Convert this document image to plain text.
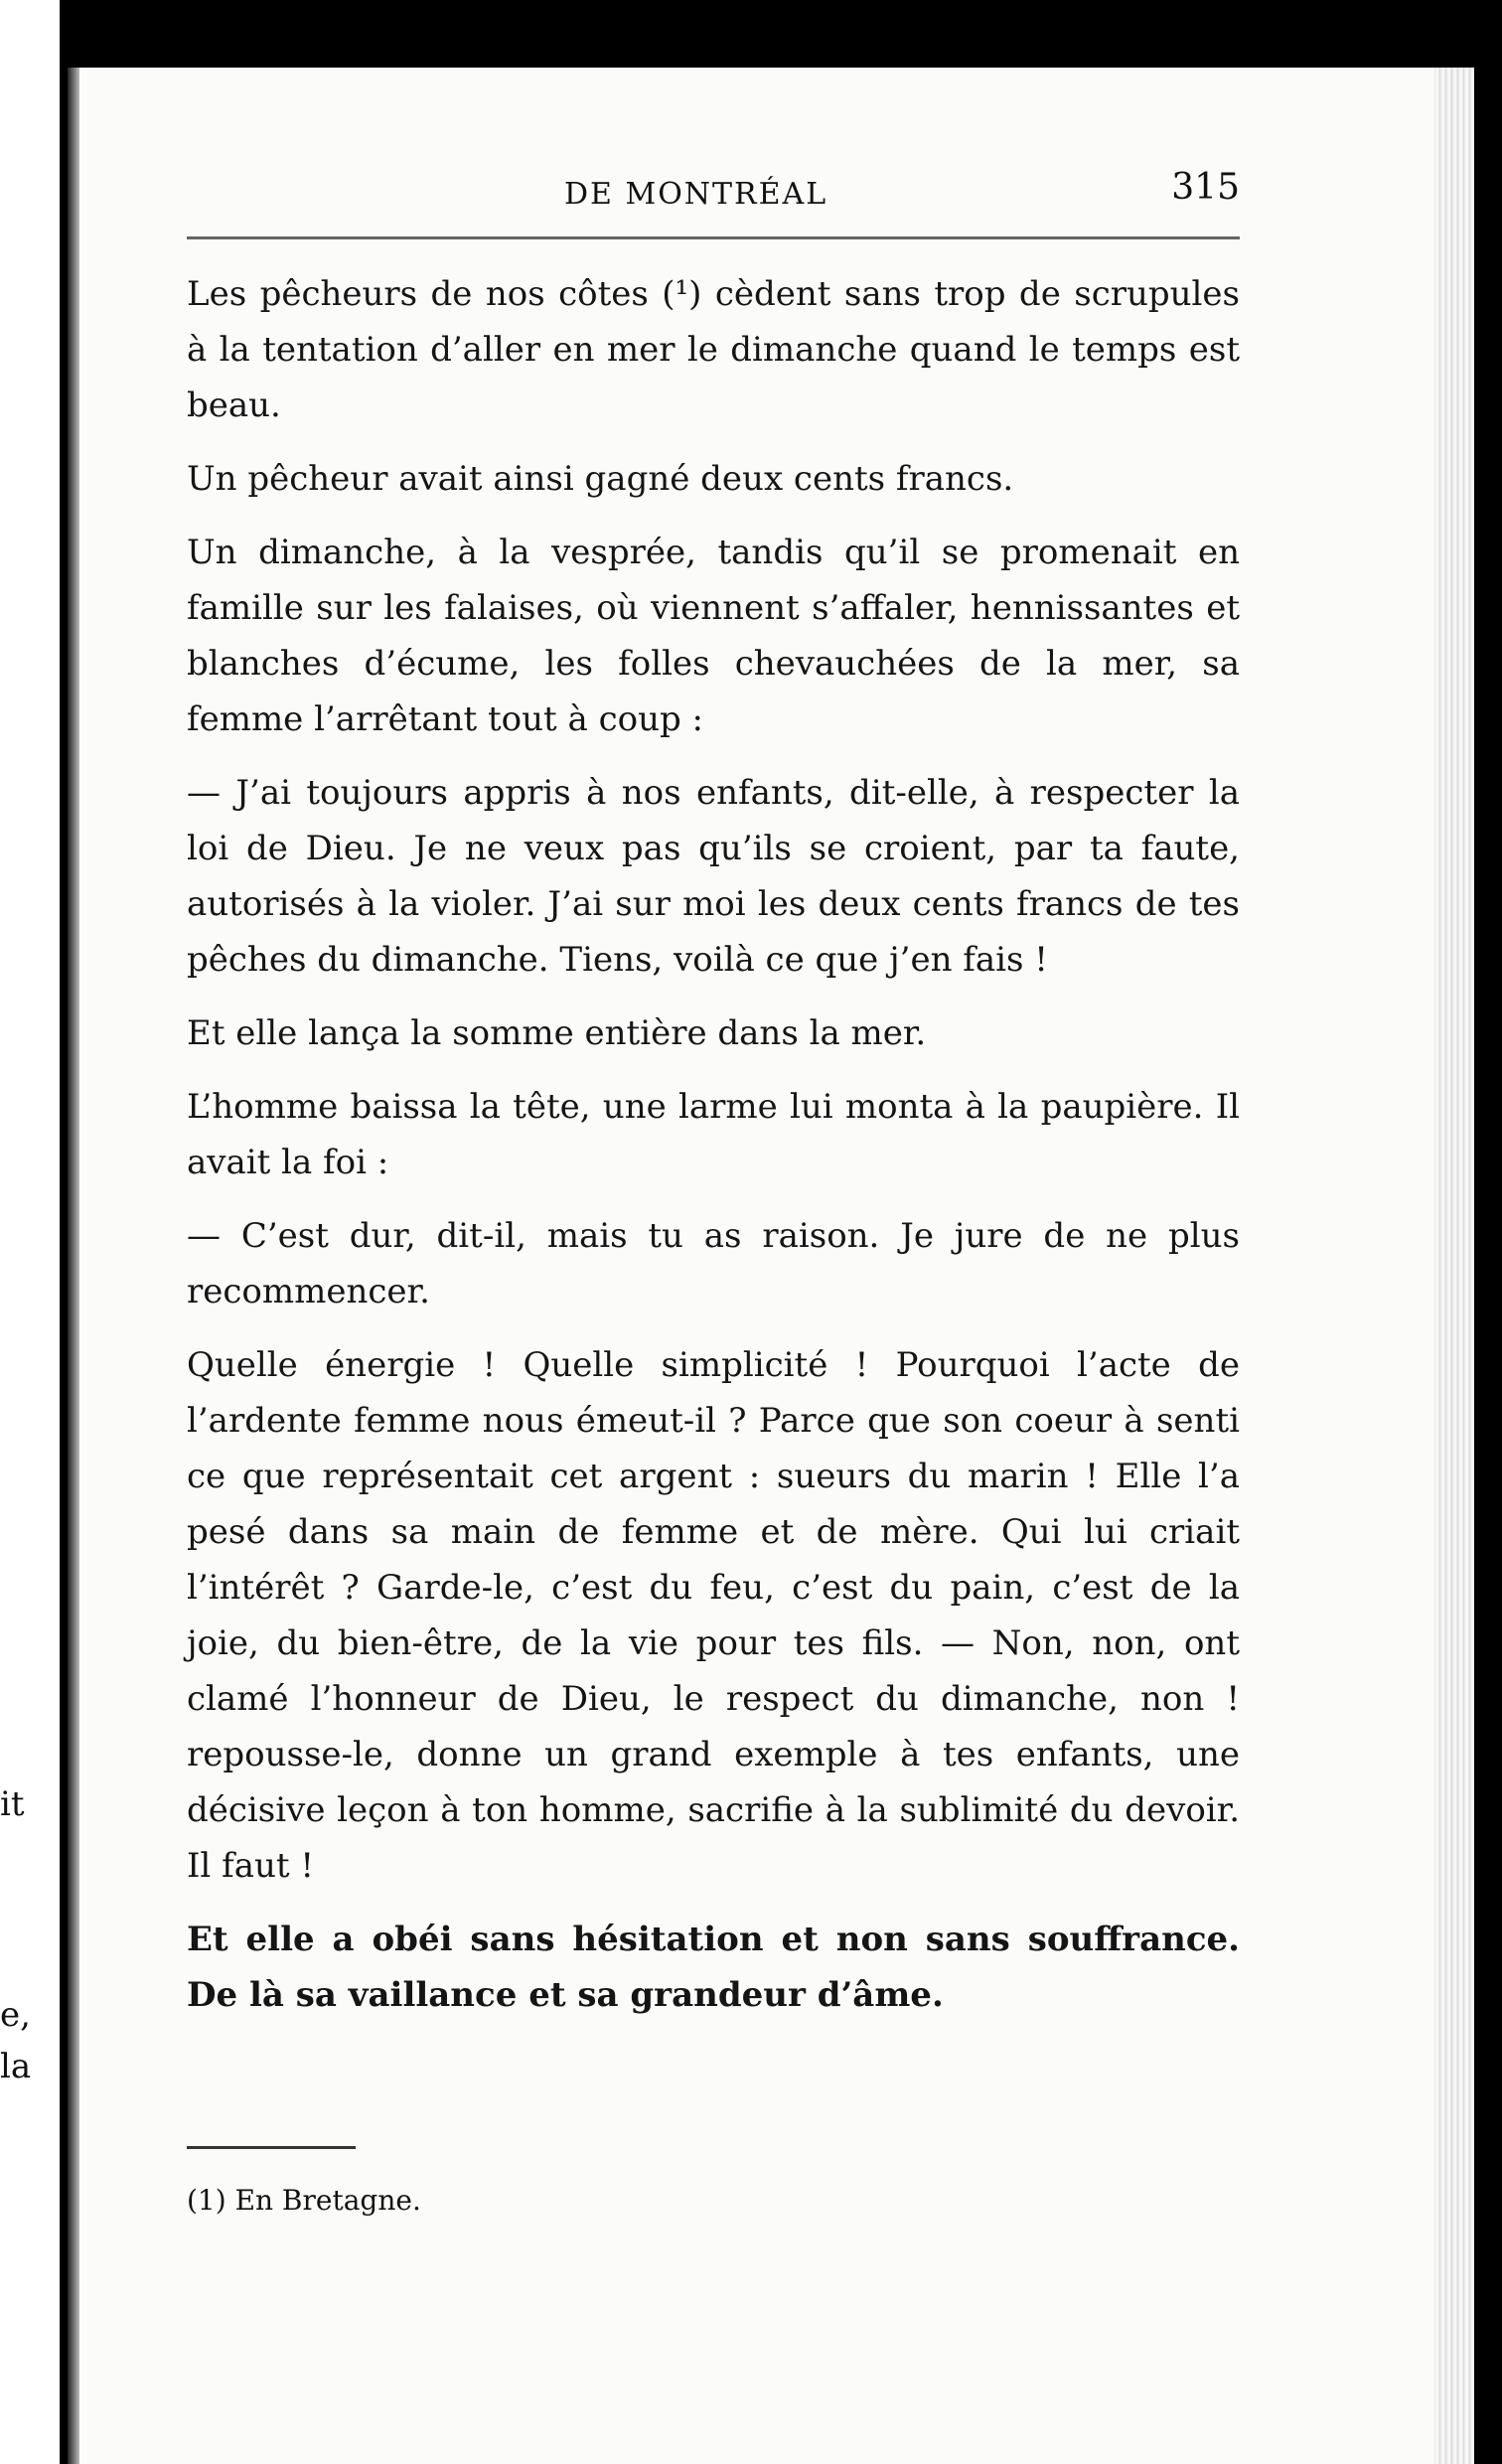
it
e,
la
DE MONTRÉAL	315

Les pêcheurs de nos côtes (¹) cèdent sans trop de scrupules à la tentation d’aller en mer le dimanche quand le temps est beau.

Un pêcheur avait ainsi gagné deux cents francs.

Un dimanche, à la vesprée, tandis qu’il se promenait en famille sur les falaises, où viennent s’affaler, hennissantes et blanches d’écume, les folles chevauchées de la mer, sa femme l’arrêtant tout à coup :

— J’ai toujours appris à nos enfants, dit-elle, à respecter la loi de Dieu. Je ne veux pas qu’ils se croient, par ta faute, autorisés à la violer. J’ai sur moi les deux cents francs de tes pêches du dimanche. Tiens, voilà ce que j’en fais !

Et elle lança la somme entière dans la mer.

L’homme baissa la tête, une larme lui monta à la paupière. Il avait la foi :

— C’est dur, dit-il, mais tu as raison. Je jure de ne plus recommencer.

Quelle énergie ! Quelle simplicité ! Pourquoi l’acte de l’ardente femme nous émeut-il ? Parce que son coeur à senti ce que représentait cet argent : sueurs du marin ! Elle l’a pesé dans sa main de femme et de mère. Qui lui criait l’intérêt ? Garde-le, c’est du feu, c’est du pain, c’est de la joie, du bien-être, de la vie pour tes fils. — Non, non, ont clamé l’honneur de Dieu, le respect du dimanche, non ! repousse-le, donne un grand exemple à tes enfants, une décisive leçon à ton homme, sacrifie à la sublimité du devoir. Il faut !

Et elle a obéi sans hésitation et non sans souffrance. De là sa vaillance et sa grandeur d’âme.

(1) En Bretagne.
